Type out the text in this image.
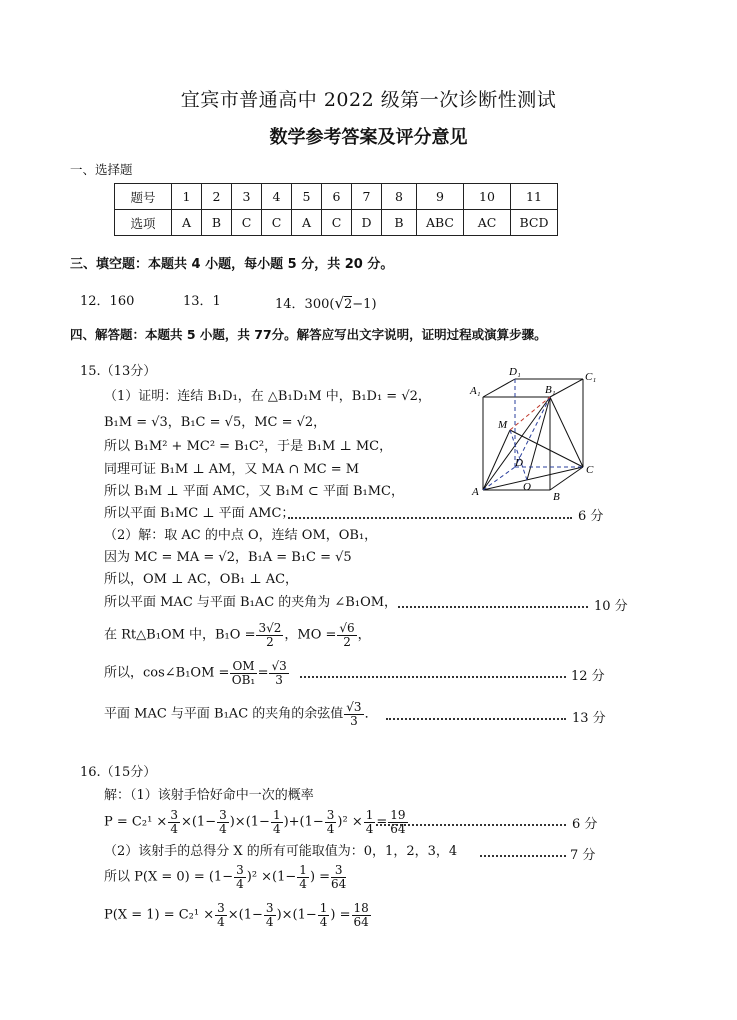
宜宾市普通高中 2022 级第一次诊断性测试
数学参考答案及评分意见
一、选择题
题号	1	2	3	4	5	6	7	8	9	10	11
选项	A	B	C	C	A	C	D	B	ABC	AC	BCD
三、填空题：本题共 4 小题，每小题 5 分，共 20 分。
12．160	13．1	14．300(√2−1)
四、解答题：本题共 5 小题，共 77分。解答应写出文字说明，证明过程或演算步骤。
15.（13分）
（1）证明：连结 B₁D₁，在 △B₁D₁M 中，B₁D₁ = √2，
B₁M = √3，B₁C = √5，MC = √2，
所以 B₁M² + MC² = B₁C²，于是 B₁M ⊥ MC，
同理可证 B₁M ⊥ AM，又 MA ∩ MC = M
所以 B₁M ⊥ 平面 AMC，又 B₁M ⊂ 平面 B₁MC，
所以平面 B₁MC ⊥ 平面 AMC；	6 分
（2）解：取 AC 的中点 O，连结 OM，OB₁，
因为 MC = MA = √2，B₁A = B₁C = √5
所以，OM ⊥ AC，OB₁ ⊥ AC，
所以平面 MAC 与平面 B₁AC 的夹角为 ∠B₁OM，	10 分
在 Rt△B₁OM 中，$B_1O = \frac{3√2}{2}$ ，MO = $\frac{√6}{2}$ ，
所以，cos∠B₁OM = $\frac{OM}{\text{OB₁}} = \frac{√3}{3}$	12 分
平面 MAC 与平面 B₁AC 的夹角的余弦值 $\frac{√3}{3}$ ．	13 分
A₁
D₁	C₁
B₁
M
D
C
A	O
B
16.（15分）
解：（1）该射手恰好命中一次的概率
$P = C_2^1 \times \frac{3}{4} \times(1- \frac{3}{4} )\times(1- \frac{1}{4} )+(1- \frac{3}{4} )^2 \times \frac{1}{4} = \frac{19}{64}$	6 分
（2）该射手的总得分 X 的所有可能取值为：0，1，2，3，4	7 分
所以 $P(X = 0) = (1- \frac{3}{4} )^2 \times(1- \frac{1}{4}$ ) = $\frac{3}{64}$
$P(X = 1) = C_2^1 \times \frac{3}{4} \times(1- \frac{3}{4} )\times(1- \frac{1}{4}$ ) = $\frac{18}{64}$
